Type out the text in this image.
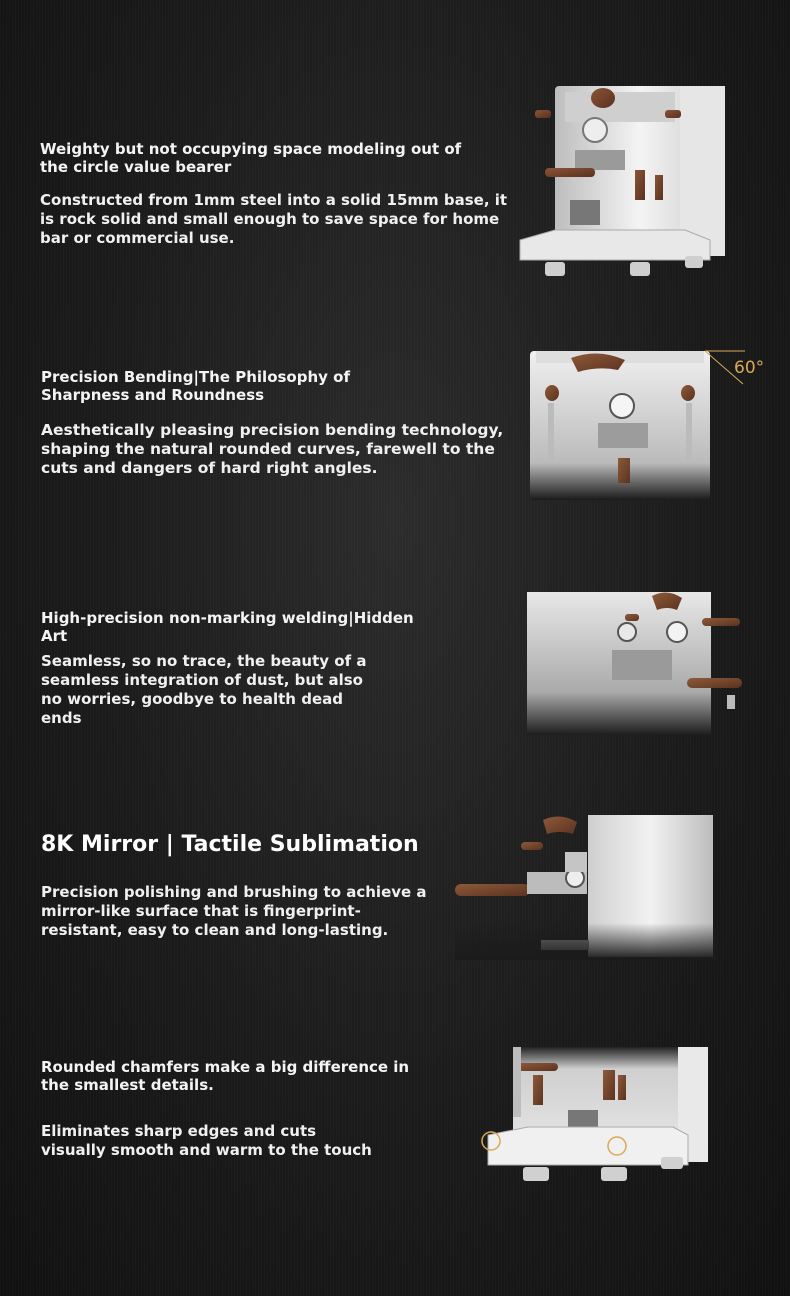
Weighty but not occupying space modeling out of the circle value bearer
Constructed from 1mm steel into a solid 15mm base, it is rock solid and small enough to save space for home bar or commercial use.
Precision Bending|The Philosophy of Sharpness and Roundness
Aesthetically pleasing precision bending technology, shaping the natural rounded curves, farewell to the cuts and dangers of hard right angles.
60°
High-precision non-marking welding|Hidden Art
Seamless, so no trace, the beauty of a seamless integration of dust, but also no worries, goodbye to health dead ends
8K Mirror | Tactile Sublimation
Precision polishing and brushing to achieve a mirror-like surface that is fingerprint-resistant, easy to clean and long-lasting.
Rounded chamfers make a big difference in the smallest details.
Eliminates sharp edges and cuts visually smooth and warm to the touch
